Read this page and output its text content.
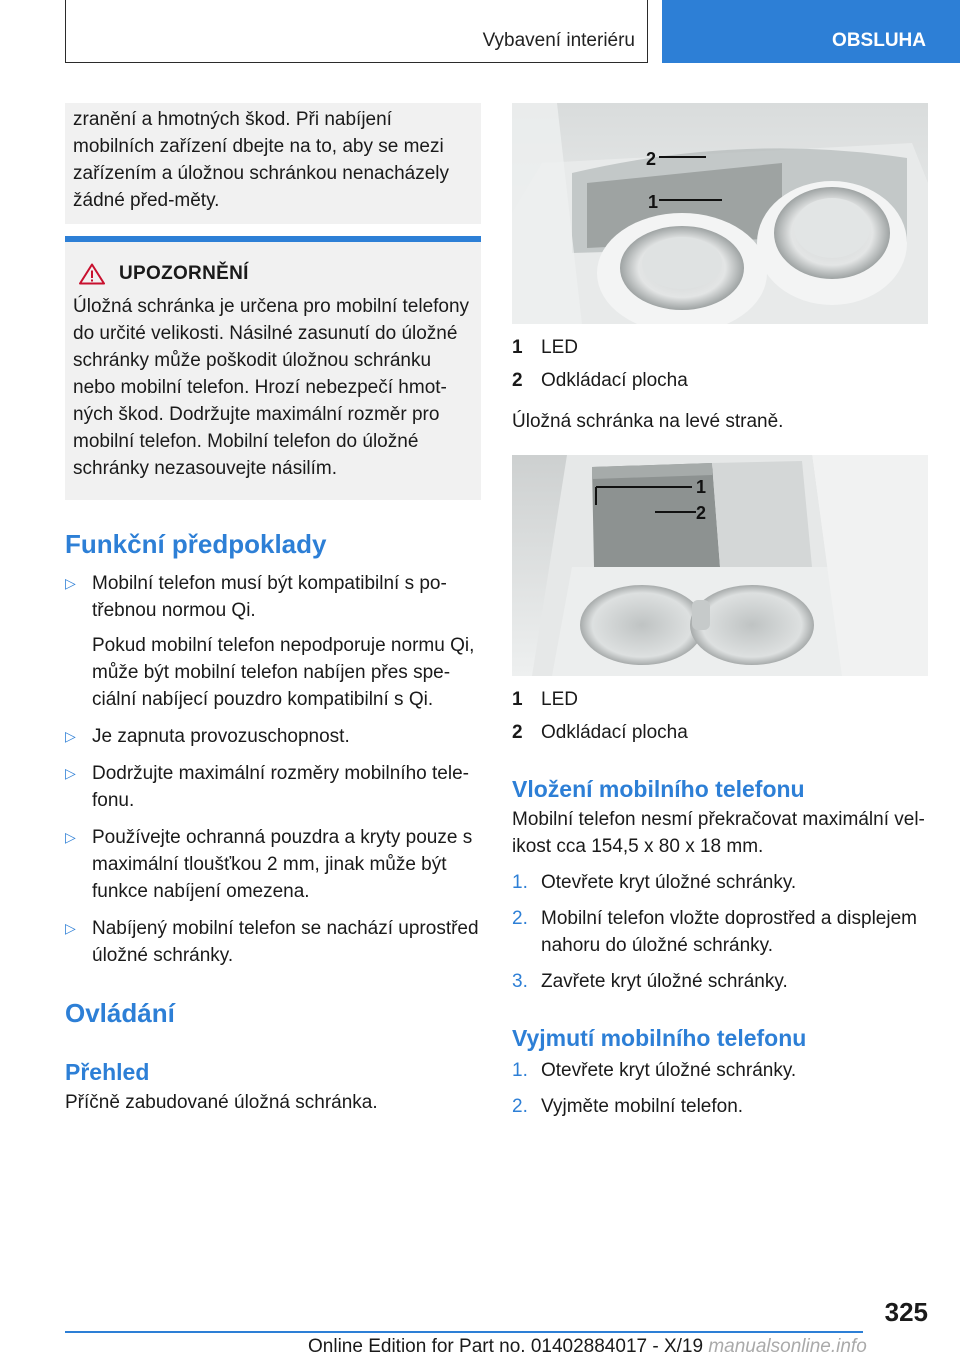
Vybavení interiéru	OBSLUHA

zranění a hmotných škod. Při nabíjení mobilních zařízení dbejte na to, aby se mezi zařízením a úložnou schránkou nenacházely žádné před-měty.

UPOZORNĚNÍ

Úložná schránka je určena pro mobilní telefony do určité velikosti. Násilné zasunutí do úložné schránky může poškodit úložnou schránku nebo mobilní telefon. Hrozí nebezpečí hmot-ných škod. Dodržujte maximální rozměr pro mobilní telefon. Mobilní telefon do úložné schránky nezasouvejte násilím.

Funkční předpoklady
▷ Mobilní telefon musí být kompatibilní s po-třebnou normou Qi.

Pokud mobilní telefon nepodporuje normu Qi, může být mobilní telefon nabíjen přes spe-ciální nabíjecí pouzdro kompatibilní s Qi.

▷ Je zapnuta provozuschopnost.

▷ Dodržujte maximální rozměry mobilního tele-fonu.

▷ Používejte ochranná pouzdra a kryty pouze s maximální tloušťkou 2 mm, jinak může být funkce nabíjení omezena.

▷ Nabíjený mobilní telefon se nachází uprostřed úložné schránky.

Ovládání
Přehled

Příčně zabudované úložná schránka.

2
1
1 LED
2 Odkládací plocha

Úložná schránka na levé straně.

1
2
1 LED
2 Odkládací plocha
Vložení mobilního telefonu

Mobilní telefon nesmí překračovat maximální vel-ikost cca 154,5 x 80 x 18 mm.

1. Otevřete kryt úložné schránky.

2. Mobilní telefon vložte doprostřed a displejem nahoru do úložné schránky.

3. Zavřete kryt úložné schránky.

Vyjmutí mobilního telefonu
1. Otevřete kryt úložné schránky.

2. Vyjměte mobilní telefon.

325
Online Edition for Part no. 01402884017 - X/19 manualsonline.info
